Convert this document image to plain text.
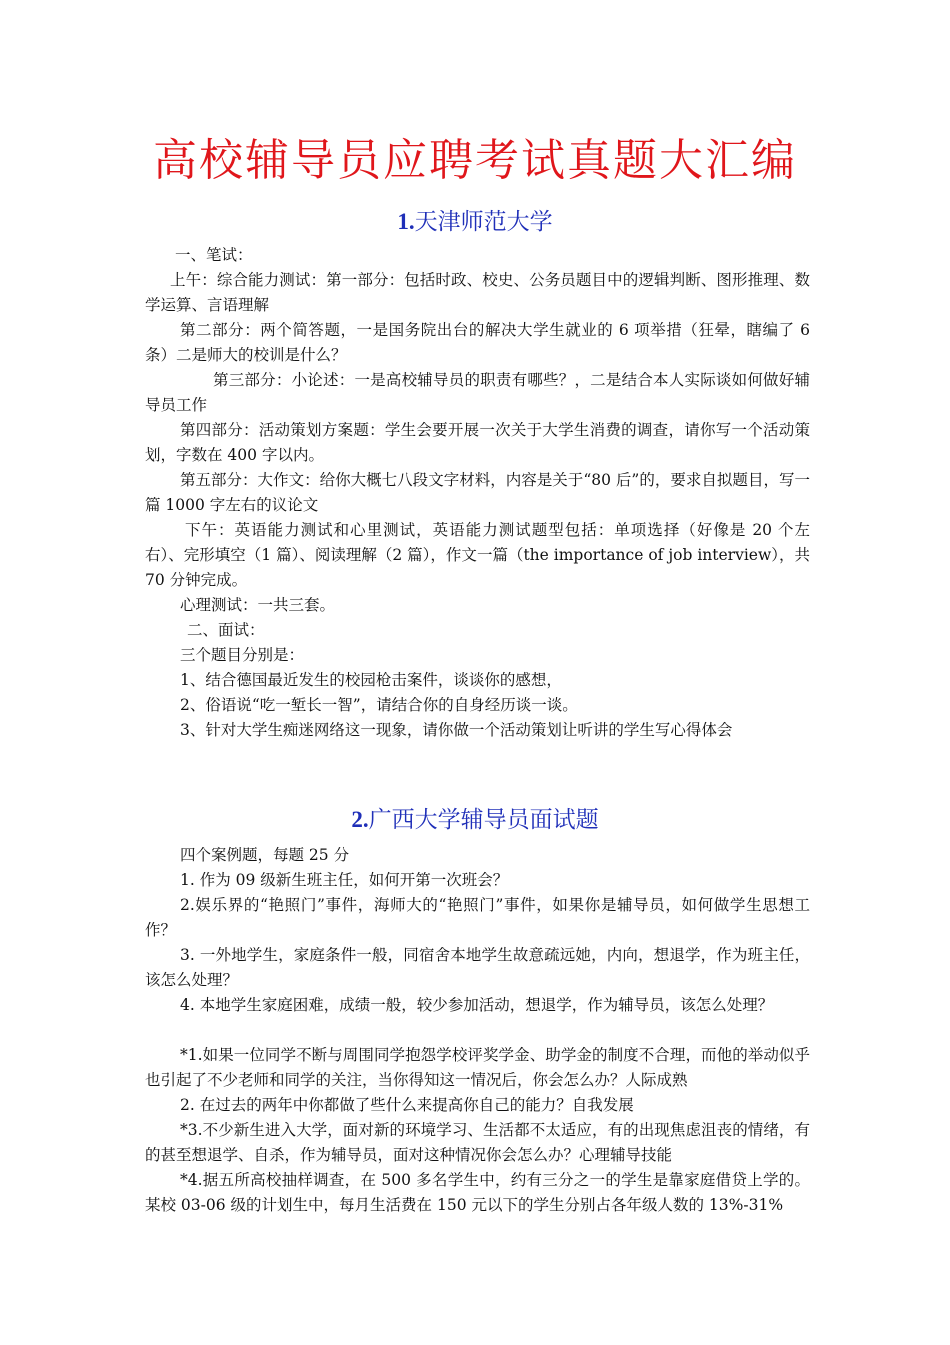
高校辅导员应聘考试真题大汇编
1.天津师范大学
一、笔试：
上午：综合能力测试：第一部分：包括时政、校史、公务员题目中的逻辑判断、图形推理、数学运算、言语理解
第二部分：两个简答题，一是国务院出台的解决大学生就业的 6 项举措（狂晕，瞎编了 6 条）二是师大的校训是什么？
第三部分：小论述：一是高校辅导员的职责有哪些？，二是结合本人实际谈如何做好辅导员工作
第四部分：活动策划方案题：学生会要开展一次关于大学生消费的调查，请你写一个活动策划，字数在 400 字以内。
第五部分：大作文：给你大概七八段文字材料，内容是关于“80 后”的，要求自拟题目，写一篇 1000 字左右的议论文
下午：英语能力测试和心里测试，英语能力测试题型包括：单项选择（好像是 20 个左右）、完形填空（1 篇）、阅读理解（2 篇），作文一篇（the importance of job interview），共 70 分钟完成。
心理测试：一共三套。
二、面试：
三个题目分别是：
1、结合德国最近发生的校园枪击案件，谈谈你的感想，
2、俗语说“吃一堑长一智”，请结合你的自身经历谈一谈。
3、针对大学生痴迷网络这一现象，请你做一个活动策划让听讲的学生写心得体会
2.广西大学辅导员面试题
四个案例题，每题 25 分
1. 作为 09 级新生班主任，如何开第一次班会？
2.娱乐界的“艳照门”事件，海师大的“艳照门”事件，如果你是辅导员，如何做学生思想工作？
3. 一外地学生，家庭条件一般，同宿舍本地学生故意疏远她，内向，想退学，作为班主任，该怎么处理？
4. 本地学生家庭困难，成绩一般，较少参加活动，想退学，作为辅导员，该怎么处理？
*1.如果一位同学不断与周围同学抱怨学校评奖学金、助学金的制度不合理，而他的举动似乎也引起了不少老师和同学的关注，当你得知这一情况后，你会怎么办？人际成熟
2. 在过去的两年中你都做了些什么来提高你自己的能力？自我发展
*3.不少新生进入大学，面对新的环境学习、生活都不太适应，有的出现焦虑沮丧的情绪，有的甚至想退学、自杀，作为辅导员，面对这种情况你会怎么办？心理辅导技能
*4.据五所高校抽样调查，在 500 多名学生中，约有三分之一的学生是靠家庭借贷上学的。某校 03-06 级的计划生中，每月生活费在 150 元以下的学生分别占各年级人数的 13%-31%
